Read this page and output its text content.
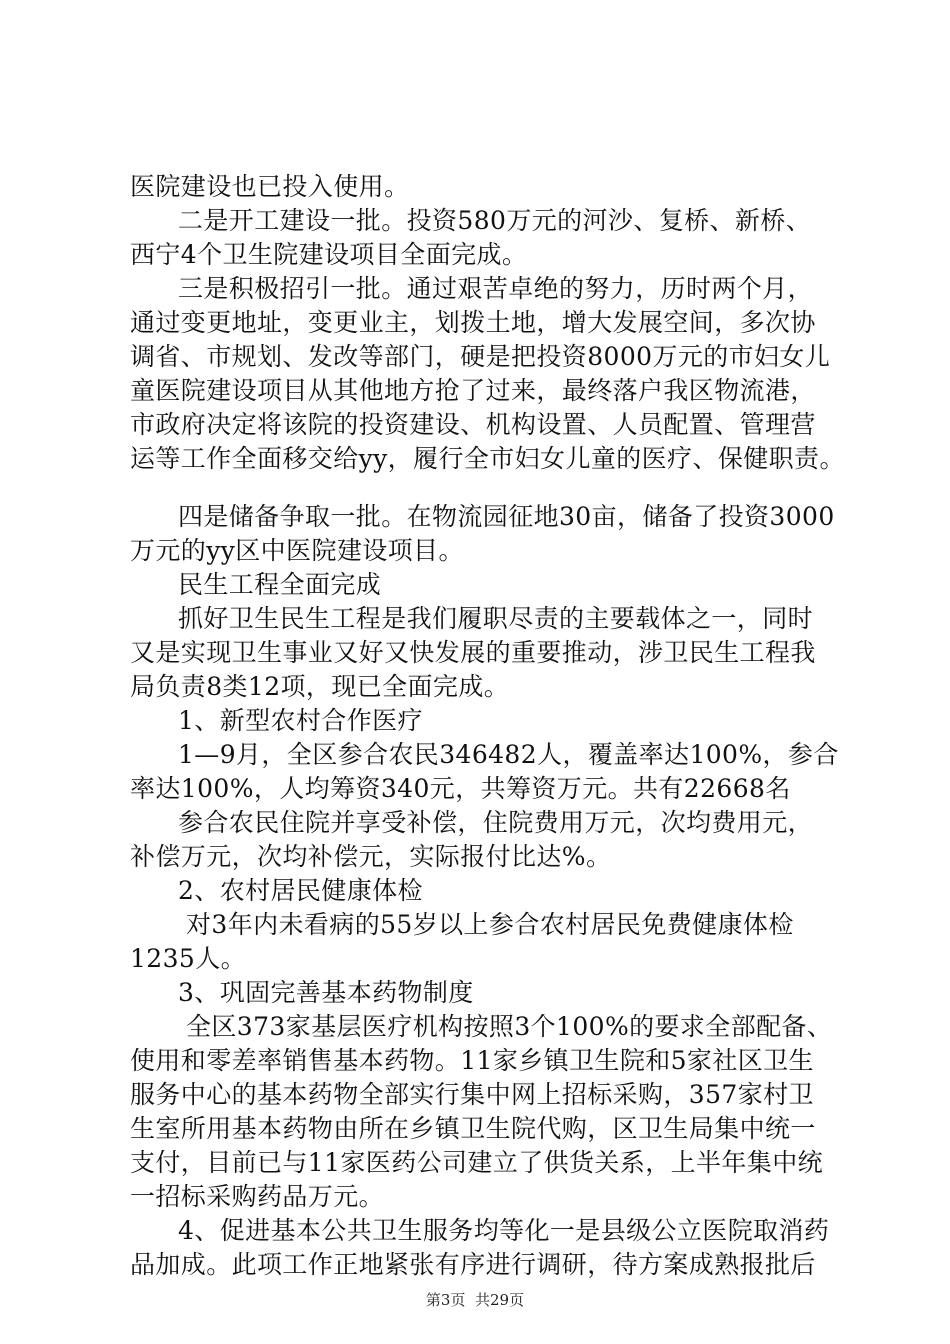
医院建设也已投入使用。
二是开工建设一批。投资580万元的河沙、复桥、新桥、
西宁4个卫生院建设项目全面完成。
三是积极招引一批。通过艰苦卓绝的努力，历时两个月，
通过变更地址，变更业主，划拨土地，增大发展空间，多次协
调省、市规划、发改等部门，硬是把投资8000万元的市妇女儿
童医院建设项目从其他地方抢了过来，最终落户我区物流港，
市政府决定将该院的投资建设、机构设置、人员配置、管理营
运等工作全面移交给yy，履行全市妇女儿童的医疗、保健职责。
四是储备争取一批。在物流园征地30亩，储备了投资3000
万元的yy区中医院建设项目。
民生工程全面完成
抓好卫生民生工程是我们履职尽责的主要载体之一，同时
又是实现卫生事业又好又快发展的重要推动，涉卫民生工程我
局负责8类12项，现已全面完成。
1、新型农村合作医疗
1—9月，全区参合农民346482人，覆盖率达100%，参合
率达100%，人均筹资340元，共筹资万元。共有22668名
参合农民住院并享受补偿，住院费用万元，次均费用元，
补偿万元，次均补偿元，实际报付比达%。
2、农村居民健康体检
对3年内未看病的55岁以上参合农村居民免费健康体检
1235人。
3、巩固完善基本药物制度
全区373家基层医疗机构按照3个100%的要求全部配备、
使用和零差率销售基本药物。11家乡镇卫生院和5家社区卫生
服务中心的基本药物全部实行集中网上招标采购，357家村卫
生室所用基本药物由所在乡镇卫生院代购，区卫生局集中统一
支付，目前已与11家医药公司建立了供货关系，上半年集中统
一招标采购药品万元。
4、促进基本公共卫生服务均等化一是县级公立医院取消药
品加成。此项工作正地紧张有序进行调研，待方案成熟报批后
第3页  共29页
